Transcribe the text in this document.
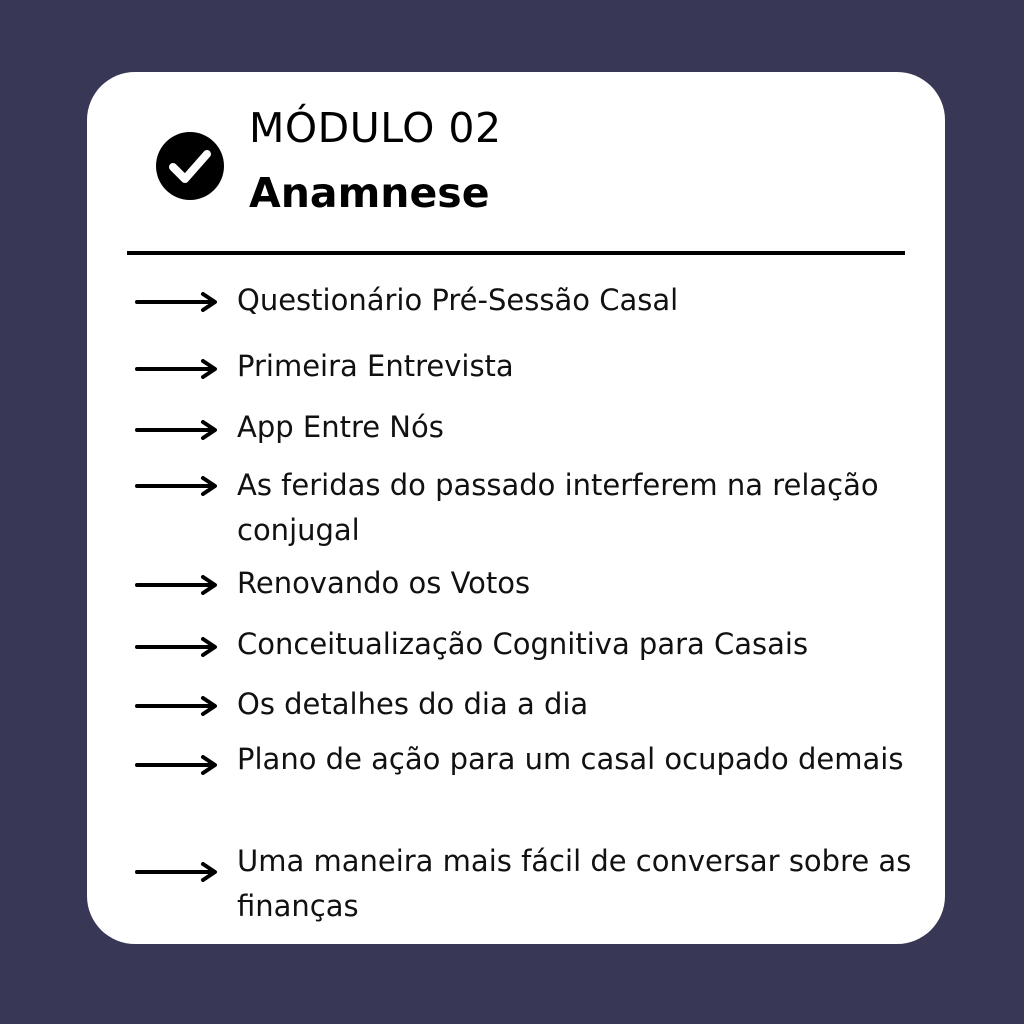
MÓDULO 02
Anamnese
Questionário Pré-Sessão Casal
Primeira Entrevista
App Entre Nós
As feridas do passado interferem na relação conjugal
Renovando os Votos
Conceitualização Cognitiva para Casais
Os detalhes do dia a dia
Plano de ação para um casal ocupado demais
Uma maneira mais fácil de conversar sobre as finanças
